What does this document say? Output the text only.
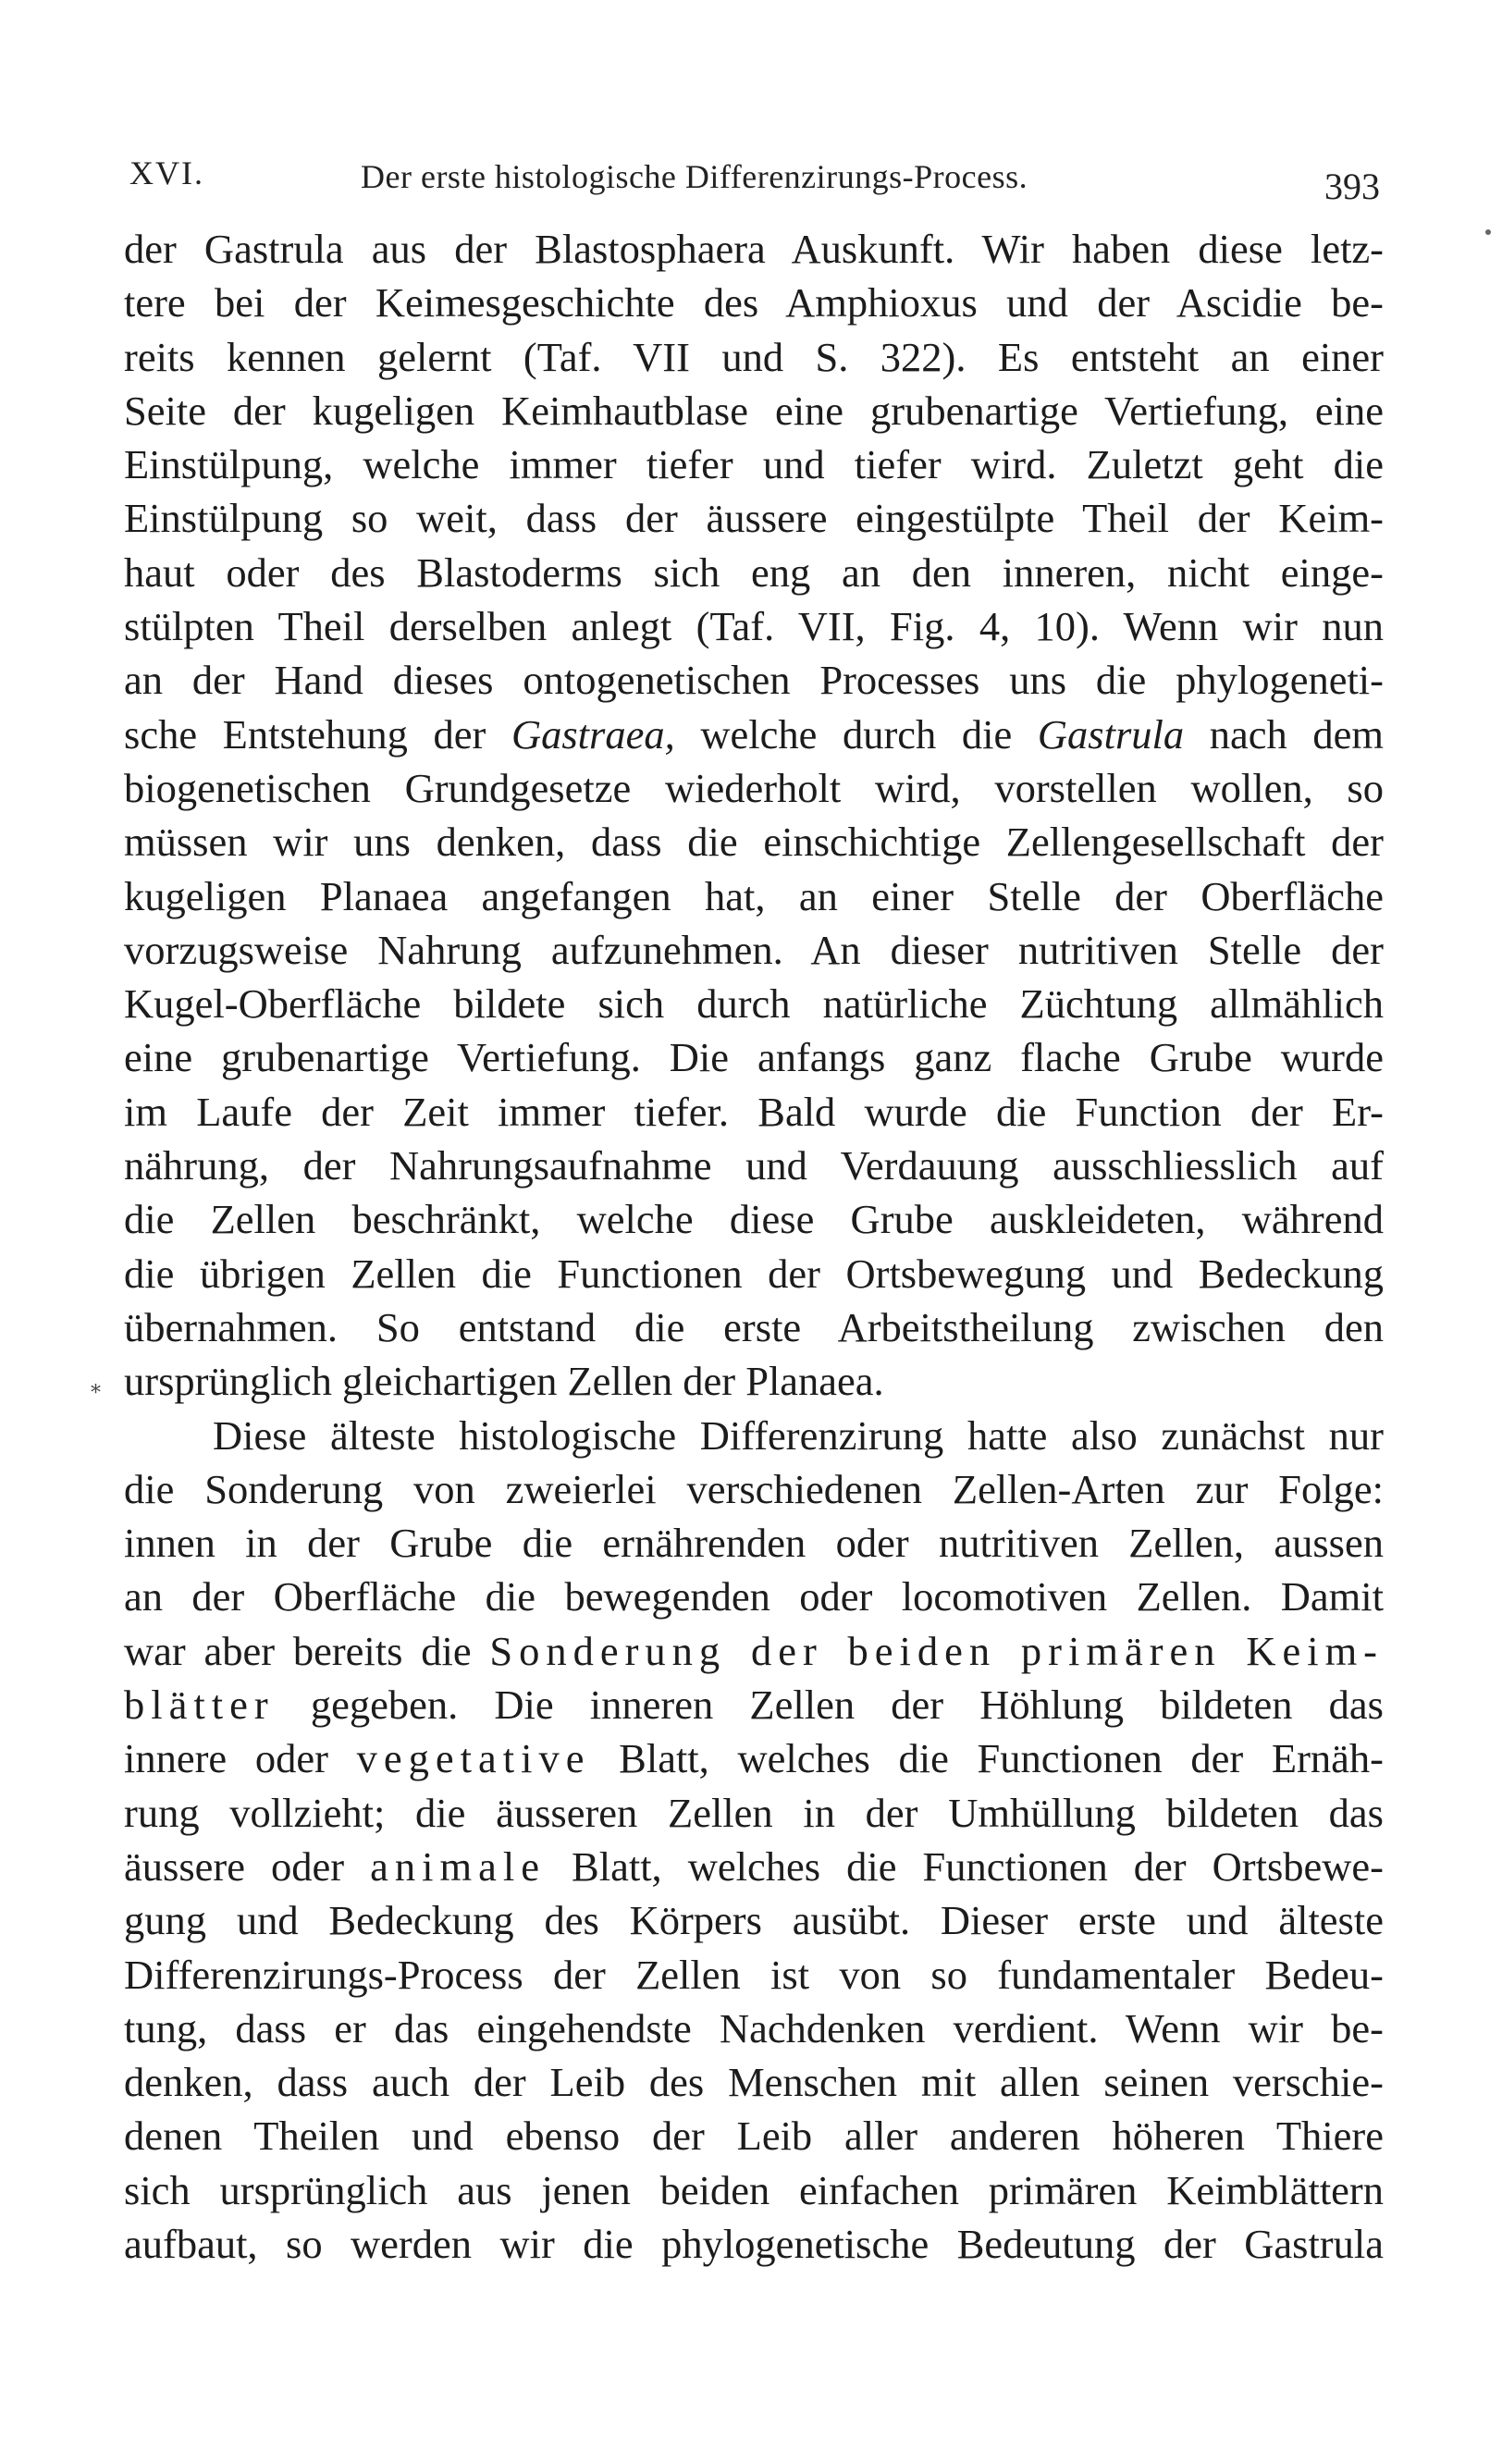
XVI.	Der erste histologische Differenzirungs-Process.	393
der Gastrula aus der Blastosphaera Auskunft. Wir haben diese letz-
tere bei der Keimesgeschichte des Amphioxus und der Ascidie be-
reits kennen gelernt (Taf. VII und S. 322). Es entsteht an einer
Seite der kugeligen Keimhautblase eine grubenartige Vertiefung, eine
Einstülpung, welche immer tiefer und tiefer wird. Zuletzt geht die
Einstülpung so weit, dass der äussere eingestülpte Theil der Keim-
haut oder des Blastoderms sich eng an den inneren, nicht einge-
stülpten Theil derselben anlegt (Taf. VII, Fig. 4, 10). Wenn wir nun
an der Hand dieses ontogenetischen Processes uns die phylogeneti-
sche Entstehung der Gastraea, welche durch die Gastrula nach dem
biogenetischen Grundgesetze wiederholt wird, vorstellen wollen, so
müssen wir uns denken, dass die einschichtige Zellengesellschaft der
kugeligen Planaea angefangen hat, an einer Stelle der Oberfläche
vorzugsweise Nahrung aufzunehmen. An dieser nutritiven Stelle der
Kugel-Oberfläche bildete sich durch natürliche Züchtung allmählich
eine grubenartige Vertiefung. Die anfangs ganz flache Grube wurde
im Laufe der Zeit immer tiefer. Bald wurde die Function der Er-
nährung, der Nahrungsaufnahme und Verdauung ausschliesslich auf
die Zellen beschränkt, welche diese Grube auskleideten, während
die übrigen Zellen die Functionen der Ortsbewegung und Bedeckung
übernahmen. So entstand die erste Arbeitstheilung zwischen den
ursprünglich gleichartigen Zellen der Planaea.
Diese älteste histologische Differenzirung hatte also zunächst nur
die Sonderung von zweierlei verschiedenen Zellen-Arten zur Folge:
innen in der Grube die ernährenden oder nutritiven Zellen, aussen
an der Oberfläche die bewegenden oder locomotiven Zellen. Damit
war aber bereits die Sonderung der beiden primären Keim-
blätter gegeben. Die inneren Zellen der Höhlung bildeten das
innere oder vegetative Blatt, welches die Functionen der Ernäh-
rung vollzieht; die äusseren Zellen in der Umhüllung bildeten das
äussere oder animale Blatt, welches die Functionen der Ortsbewe-
gung und Bedeckung des Körpers ausübt. Dieser erste und älteste
Differenzirungs-Process der Zellen ist von so fundamentaler Bedeu-
tung, dass er das eingehendste Nachdenken verdient. Wenn wir be-
denken, dass auch der Leib des Menschen mit allen seinen verschie-
denen Theilen und ebenso der Leib aller anderen höheren Thiere
sich ursprünglich aus jenen beiden einfachen primären Keimblättern
aufbaut, so werden wir die phylogenetische Bedeutung der Gastrula
*
